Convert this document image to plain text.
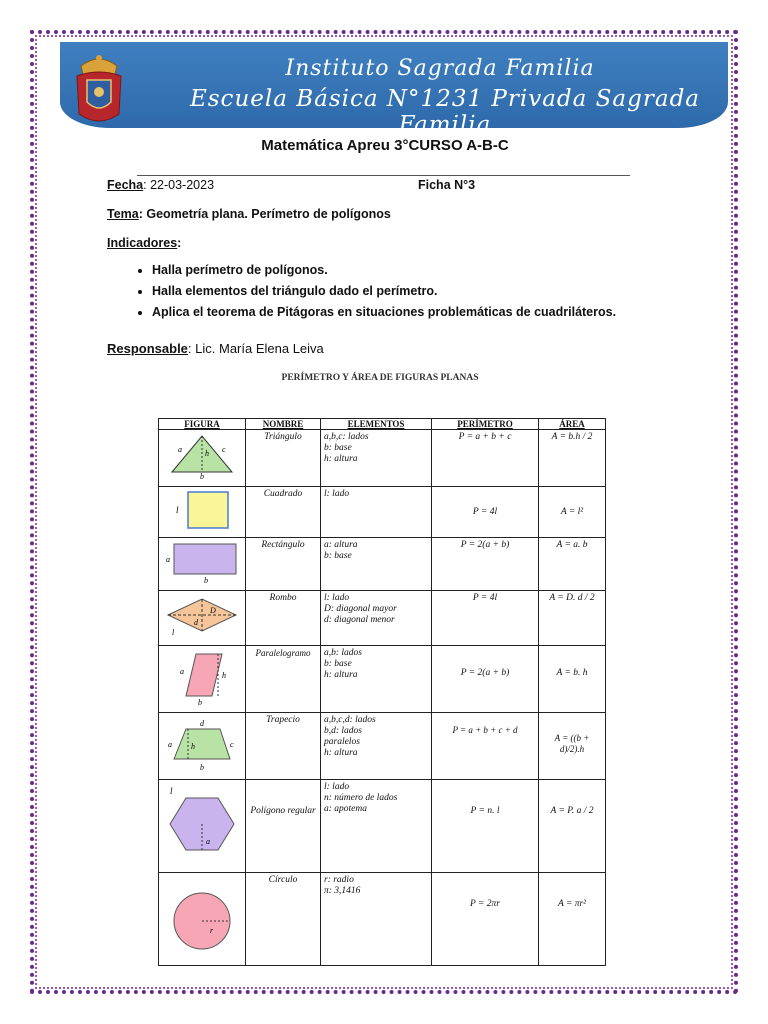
Instituto Sagrada Familia
Escuela Básica N°1231 Privada Sagrada Familia
Matemática Apreu 3°CURSO A-B-C
Fecha: 22-03-2023	Ficha N°3
Tema: Geometría plana. Perímetro de polígonos
Indicadores:
• Halla perímetro de polígonos.
• Halla elementos del triángulo dado el perímetro.
• Aplica el teorema de Pitágoras en situaciones problemáticas de cuadriláteros.
Responsable: Lic. María Elena Leiva
PERÍMETRO Y ÁREA DE FIGURAS PLANAS
FIGURA	NOMBRE	ELEMENTOS	PERÍMETRO	ÁREA

a h c
b	Triángulo	a,b,c: lados
b: base
h: altura	P = a + b + c	A = b.h / 2

l	Cuadrado	l: lado	P = 4l	A = l²

a
b	Rectángulo	a: altura
b: base	P = 2(a + b)	A = a. b

D
d
l	Rombo	l: lado
D: diagonal mayor
d: diagonal menor	P = 4l	A = D. d / 2

a h
b	Paralelogramo	a,b: lados
b: base
h: altura	P = 2(a + b)	A = b. h

d
a h c
b	Trapecio	a,b,c,d: lados
b,d: lados
paralelos
h: altura	P = a + b + c + d	A = ((b + d)/2).h

l
a	Polígono regular	l: lado
n: número de lados
a: apotema	P = n. l	A = P. a / 2

r	Círculo	r: radio
π: 3,1416	P = 2πr	A = πr²
